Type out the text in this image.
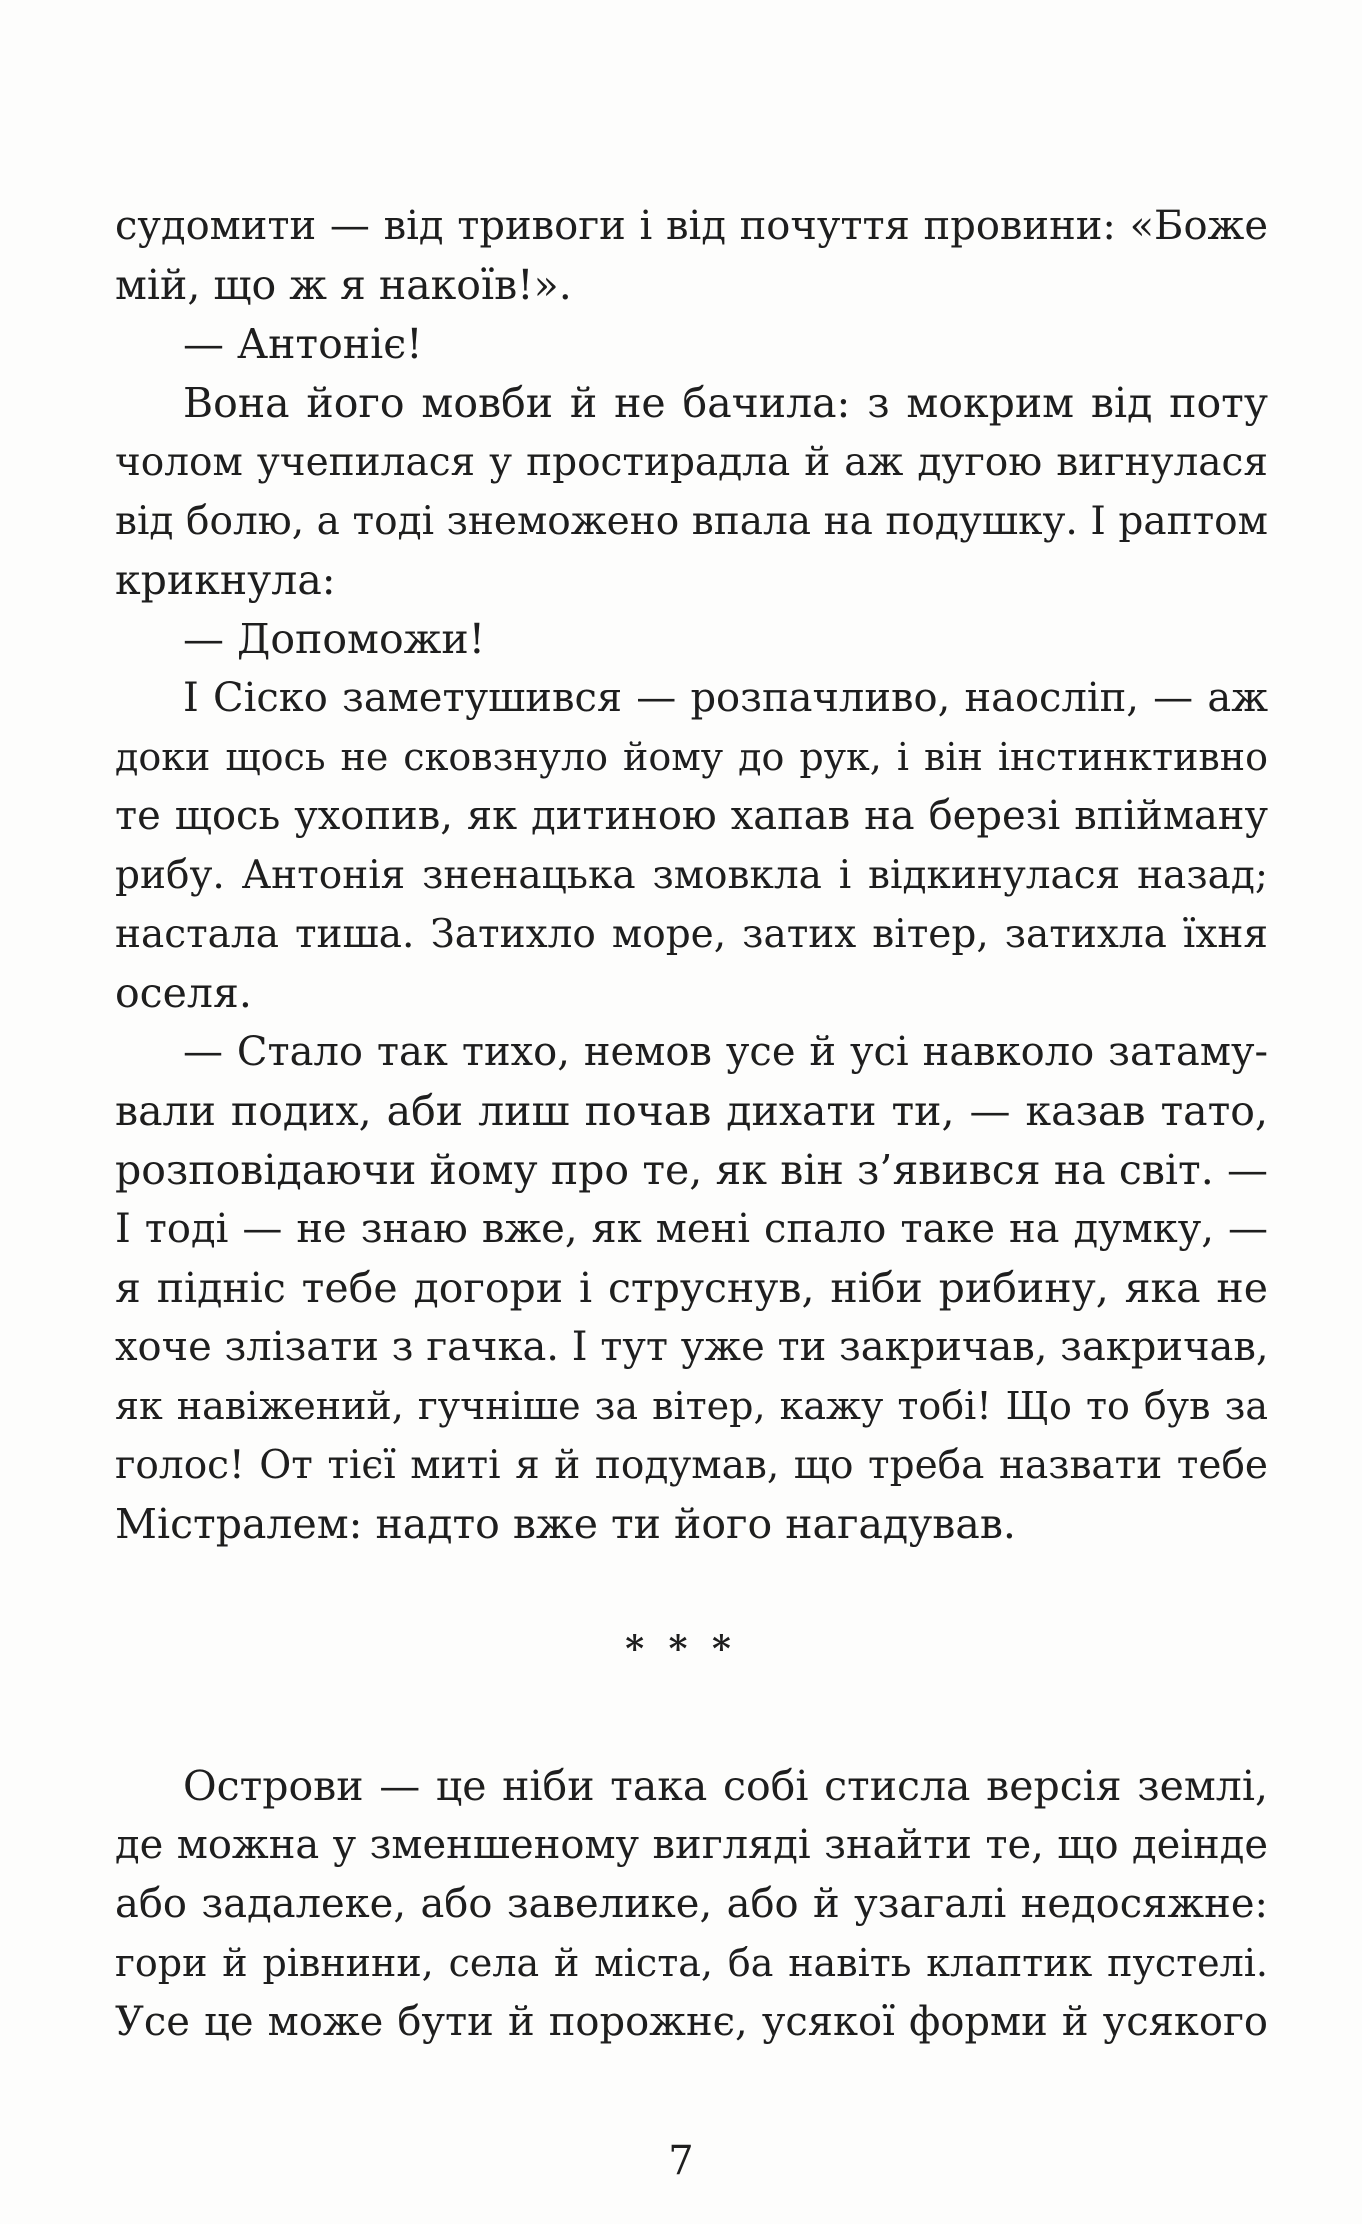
судомити — від тривоги і від почуття провини: «Боже
мій, що ж я накоїв!».
— Антоніє!
Вона його мовби й не бачила: з мокрим від поту
чолом учепилася у простирадла й аж дугою вигнулася
від болю, а тоді знеможено впала на подушку. І раптом
крикнула:
— Допоможи!
І Сіско заметушився — розпачливо, наосліп, — аж
доки щось не сковзнуло йому до рук, і він інстинктивно
те щось ухопив, як дитиною хапав на березі впійману
рибу. Антонія зненацька змовкла і відкинулася назад;
настала тиша. Затихло море, затих вітер, затихла їхня
оселя.
— Стало так тихо, немов усе й усі навколо затаму-
вали подих, аби лиш почав дихати ти, — казав тато,
розповідаючи йому про те, як він з’явився на світ. —
І тоді — не знаю вже, як мені спало таке на думку, —
я підніс тебе догори і струснув, ніби рибину, яка не
хоче злізати з гачка. І тут уже ти закричав, закричав,
як навіжений, гучніше за вітер, кажу тобі! Що то був за
голос! От тієї миті я й подумав, що треба назвати тебе
Містралем: надто вже ти його нагадував.
* * *
Острови — це ніби така собі стисла версія землі,
де можна у зменшеному вигляді знайти те, що деінде
або задалеке, або завелике, або й узагалі недосяжне:
гори й рівнини, села й міста, ба навіть клаптик пустелі.
Усе це може бути й порожнє, усякої форми й усякого
7
